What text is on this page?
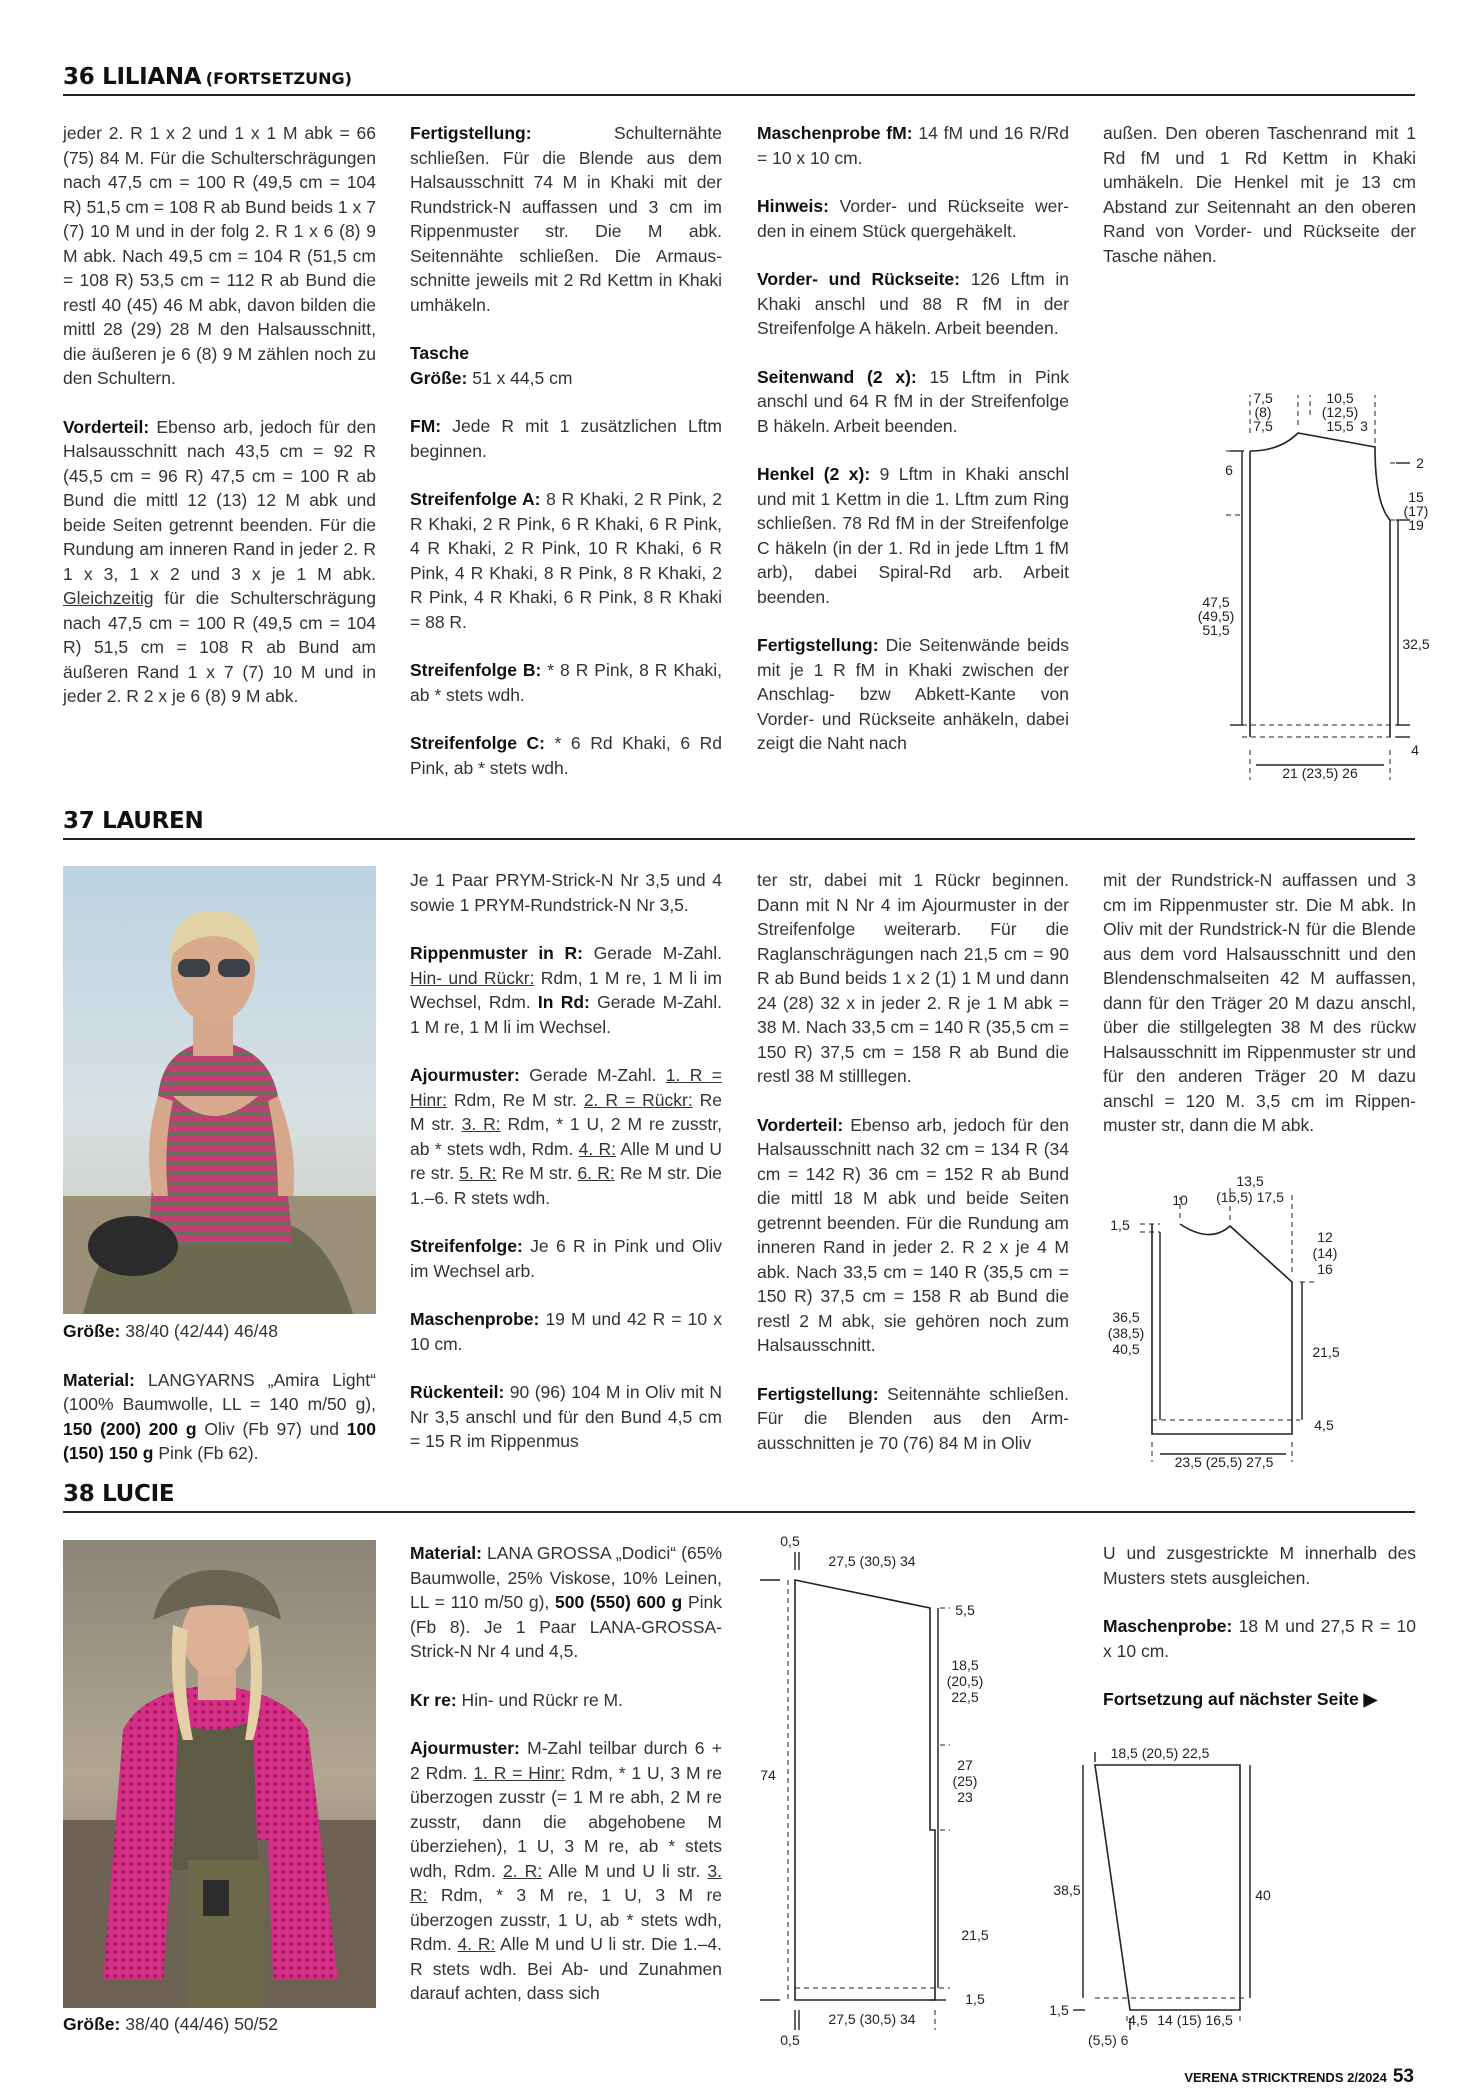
36 LILIANA (FORTSETZUNG)

jeder 2. R 1 x 2 und 1 x 1 M abk = 66 (75) 84 M. Für die Schulterschrägungen nach 47,5 cm = 100 R (49,5 cm = 104 R) 51,5 cm = 108 R ab Bund beids 1 x 7 (7) 10 M und in der folg 2. R 1 x 6 (8) 9 M abk. Nach 49,5 cm = 104 R (51,5 cm = 108 R) 53,5 cm = 112 R ab Bund die restl 40 (45) 46 M abk, davon bilden die mittl 28 (29) 28 M den Halsausschnitt, die äußeren je 6 (8) 9 M zählen noch zu den Schultern.

Vorderteil: Ebenso arb, jedoch für den Halsausschnitt nach 43,5 cm = 92 R (45,5 cm = 96 R) 47,5 cm = 100 R ab Bund die mittl 12 (13) 12 M abk und beide Seiten getrennt beenden. Für die Rundung am inneren Rand in jeder 2. R 1 x 3, 1 x 2 und 3 x je 1 M abk. Gleichzeitig für die Schulterschrägung nach 47,5 cm = 100 R (49,5 cm = 104 R) 51,5 cm = 108 R ab Bund am äußeren Rand 1 x 7 (7) 10 M und in jeder 2. R 2 x je 6 (8) 9 M abk.

Fertigstellung: Schulternähte schließen. Für die Blende aus dem Halsausschnitt 74 M in Khaki mit der Rundstrick-N auffassen und 3 cm im Rippenmuster str. Die M abk. Seitennähte schließen. Die Armausschnitte jeweils mit 2 Rd Kettm in Khaki umhäkeln.

Tasche
Größe: 51 x 44,5 cm

FM: Jede R mit 1 zusätzlichen Lftm beginnen.

Streifenfolge A: 8 R Khaki, 2 R Pink, 2 R Khaki, 2 R Pink, 6 R Khaki, 6 R Pink, 4 R Khaki, 2 R Pink, 10 R Khaki, 6 R Pink, 4 R Khaki, 8 R Pink, 8 R Khaki, 2 R Pink, 4 R Khaki, 6 R Pink, 8 R Khaki = 88 R.

Streifenfolge B: * 8 R Pink, 8 R Khaki, ab * stets wdh.

Streifenfolge C: * 6 Rd Khaki, 6 Rd Pink, ab * stets wdh.

Maschenprobe fM: 14 fM und 16 R/Rd = 10 x 10 cm.

Hinweis: Vorder- und Rückseite werden in einem Stück quergehäkelt.

Vorder- und Rückseite: 126 Lftm in Khaki anschl und 88 R fM in der Streifenfolge A häkeln. Arbeit beenden.

Seitenwand (2 x): 15 Lftm in Pink anschl und 64 R fM in der Streifenfolge B häkeln. Arbeit beenden.

Henkel (2 x): 9 Lftm in Khaki anschl und mit 1 Kettm in die 1. Lftm zum Ring schließen. 78 Rd fM in der Streifenfolge C häkeln (in der 1. Rd in jede Lftm 1 fM arb), dabei Spiral-Rd arb. Arbeit beenden.

Fertigstellung: Die Seitenwände beids mit je 1 R fM in Khaki zwischen der Anschlag- bzw Abkett-Kante von Vorder- und Rückseite anhäkeln, dabei zeigt die Naht nach

außen. Den oberen Taschenrand mit 1 Rd fM und 1 Rd Kettm in Khaki umhäkeln. Die Henkel mit je 13 cm Abstand zur Seitennaht an den oberen Rand von Vorder- und Rückseite der Tasche nähen.

7,5
(8)
7,5
10,5
(12,5)
15,5 3
6	2
15
(17)
19
47,5
(49,5)
51,5
32,5
4
21 (23,5) 26
37 LAUREN

Größe: 38/40 (42/44) 46/48

Material: LANGYARNS „Amira Light“ (100% Baumwolle, LL = 140 m/50 g), 150 (200) 200 g Oliv (Fb 97) und 100 (150) 150 g Pink (Fb 62).

Je 1 Paar PRYM-Strick-N Nr 3,5 und 4 sowie 1 PRYM-Rundstrick-N Nr 3,5.

Rippenmuster in R: Gerade M-Zahl. Hin- und Rückr: Rdm, 1 M re, 1 M li im Wechsel, Rdm. In Rd: Gerade M-Zahl. 1 M re, 1 M li im Wechsel.

Ajourmuster: Gerade M-Zahl. 1. R = Hinr: Rdm, Re M str. 2. R = Rückr: Re M str. 3. R: Rdm, * 1 U, 2 M re zusstr, ab * stets wdh, Rdm. 4. R: Alle M und U re str. 5. R: Re M str. 6. R: Re M str. Die 1.–6. R stets wdh.

Streifenfolge: Je 6 R in Pink und Oliv im Wechsel arb.

Maschenprobe: 19 M und 42 R = 10 x 10 cm.

Rückenteil: 90 (96) 104 M in Oliv mit N Nr 3,5 anschl und für den Bund 4,5 cm = 15 R im Rippenmus

ter str, dabei mit 1 Rückr beginnen. Dann mit N Nr 4 im Ajourmuster in der Streifenfolge weiterarb. Für die Raglanschrägungen nach 21,5 cm = 90 R ab Bund beids 1 x 2 (1) 1 M und dann 24 (28) 32 x in jeder 2. R je 1 M abk = 38 M. Nach 33,5 cm = 140 R (35,5 cm = 150 R) 37,5 cm = 158 R ab Bund die restl 38 M stilllegen.

Vorderteil: Ebenso arb, jedoch für den Halsausschnitt nach 32 cm = 134 R (34 cm = 142 R) 36 cm = 152 R ab Bund die mittl 18 M abk und beide Seiten getrennt beenden. Für die Rundung am inneren Rand in jeder 2. R 2 x je 4 M abk. Nach 33,5 cm = 140 R (35,5 cm = 150 R) 37,5 cm = 158 R ab Bund die restl 2 M abk, sie gehören noch zum Halsausschnitt.

Fertigstellung: Seitennähte schließen. Für die Blenden aus den Armausschnitten je 70 (76) 84 M in Oliv

mit der Rundstrick-N auffassen und 3 cm im Rippenmuster str. Die M abk. In Oliv mit der Rundstrick-N für die Blende aus dem vord Halsausschnitt und den Blendenschmalseiten 42 M auffassen, dann für den Träger 20 M dazu anschl, über die stillgelegten 38 M des rückw Halsausschnitt im Rippenmuster str und für den anderen Träger 20 M dazu anschl = 120 M. 3,5 cm im Rippenmuster str, dann die M abk.

13,5
(15,5) 17,5
10
1,5
12
(14)
16
36,5
(38,5)
40,5	21,5
4,5
23,5 (25,5) 27,5
38 LUCIE

Größe: 38/40 (44/46) 50/52

Material: LANA GROSSA „Dodici“ (65% Baumwolle, 25% Viskose, 10% Leinen, LL = 110 m/50 g), 500 (550) 600 g Pink (Fb 8). Je 1 Paar LANA-GROSSA-Strick-N Nr 4 und 4,5.

Kr re: Hin- und Rückr re M.

Ajourmuster: M-Zahl teilbar durch 6 + 2 Rdm. 1. R = Hinr: Rdm, * 1 U, 3 M re überzogen zusstr (= 1 M re abh, 2 M re zusstr, dann die abgehobene M überziehen), 1 U, 3 M re, ab * stets wdh, Rdm. 2. R: Alle M und U li str. 3. R: Rdm, * 3 M re, 1 U, 3 M re überzogen zusstr, 1 U, ab * stets wdh, Rdm. 4. R: Alle M und U li str. Die 1.–4. R stets wdh. Bei Ab- und Zunahmen darauf achten, dass sich

0,5
27,5 (30,5) 34
5,5
18,5
(20,5)
22,5
27
(25)
23
74
21,5
1,5
27,5 (30,5) 34
0,5

U und zusgestrickte M innerhalb des Musters stets ausgleichen.

Maschenprobe: 18 M und 27,5 R = 10 x 10 cm.

Fortsetzung auf nächster Seite ▶

18,5 (20,5) 22,5
38,5	40
1,5
4,5 14 (15) 16,5
(5,5) 6
VERENA STRICKTRENDS 2/2024 53
